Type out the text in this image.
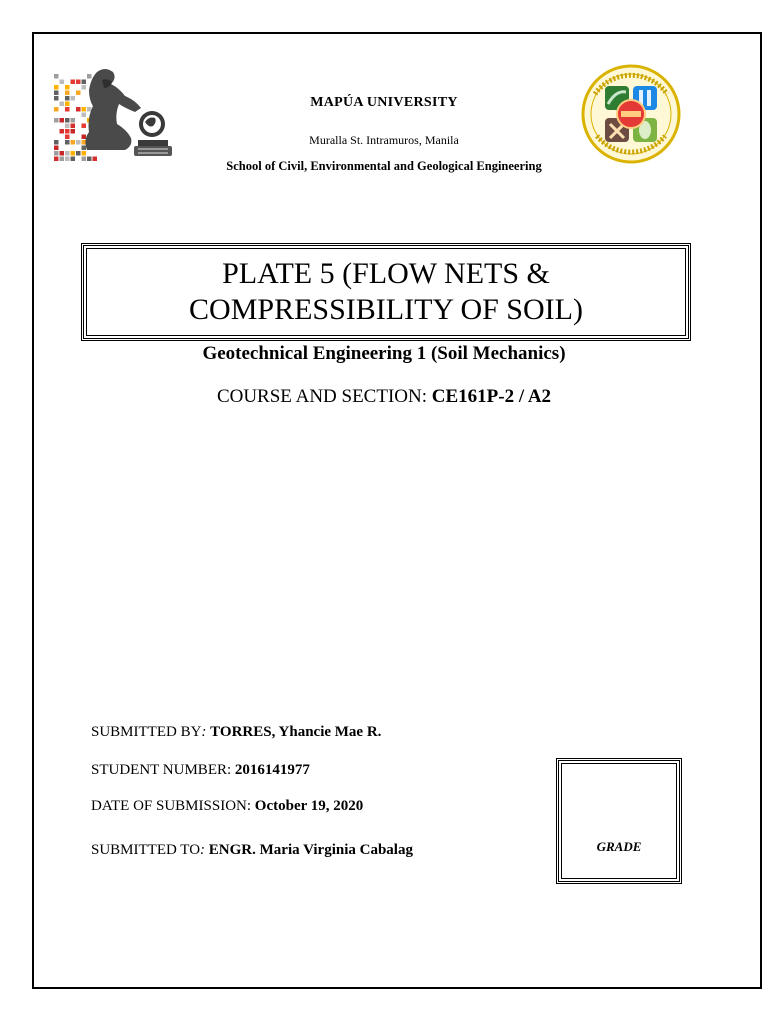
MAPÚA UNIVERSITY
Muralla St. Intramuros, Manila
School of Civil, Environmental and Geological Engineering
PLATE 5 (FLOW NETS &
COMPRESSIBILITY OF SOIL)
Geotechnical Engineering 1 (Soil Mechanics)
COURSE AND SECTION: CE161P-2 / A2
SUBMITTED BY: TORRES, Yhancie Mae R.
STUDENT NUMBER: 2016141977
DATE OF SUBMISSION: October 19, 2020
SUBMITTED TO: ENGR. Maria Virginia Cabalag	GRADE
